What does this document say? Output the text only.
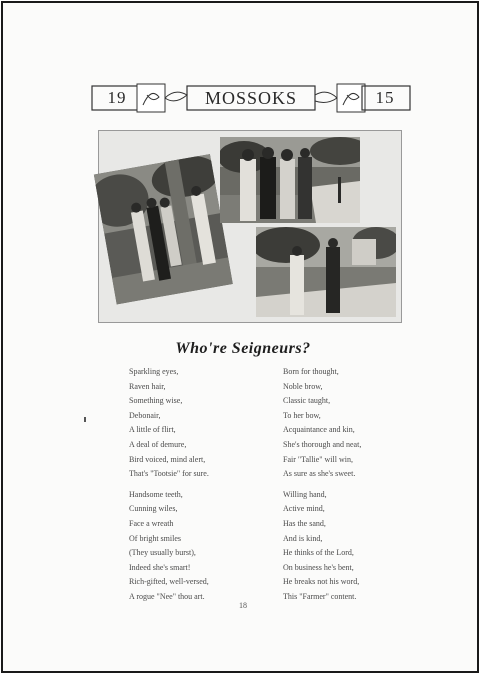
19	MOSSOKS	15
Who're Seigneurs?
Sparkling eyes,
Raven hair,
Something wise,
Debonair,
A little of flirt,
A deal of demure,
Bird voiced, mind alert,
That's "Tootsie" for sure.
Handsome teeth,
Cunning wiles,
Face a wreath
Of bright smiles
(They usually burst),
Indeed she's smart!
Rich-gifted, well-versed,
A rogue "Nee" thou art.
Born for thought,
Noble brow,
Classic taught,
To her bow,
Acquaintance and kin,
She's thorough and neat,
Fair "Tallie" will win,
As sure as she's sweet.
Willing hand,
Active mind,
Has the sand,
And is kind,
He thinks of the Lord,
On business he's bent,
He breaks not his word,
This "Farmer" content.
18
